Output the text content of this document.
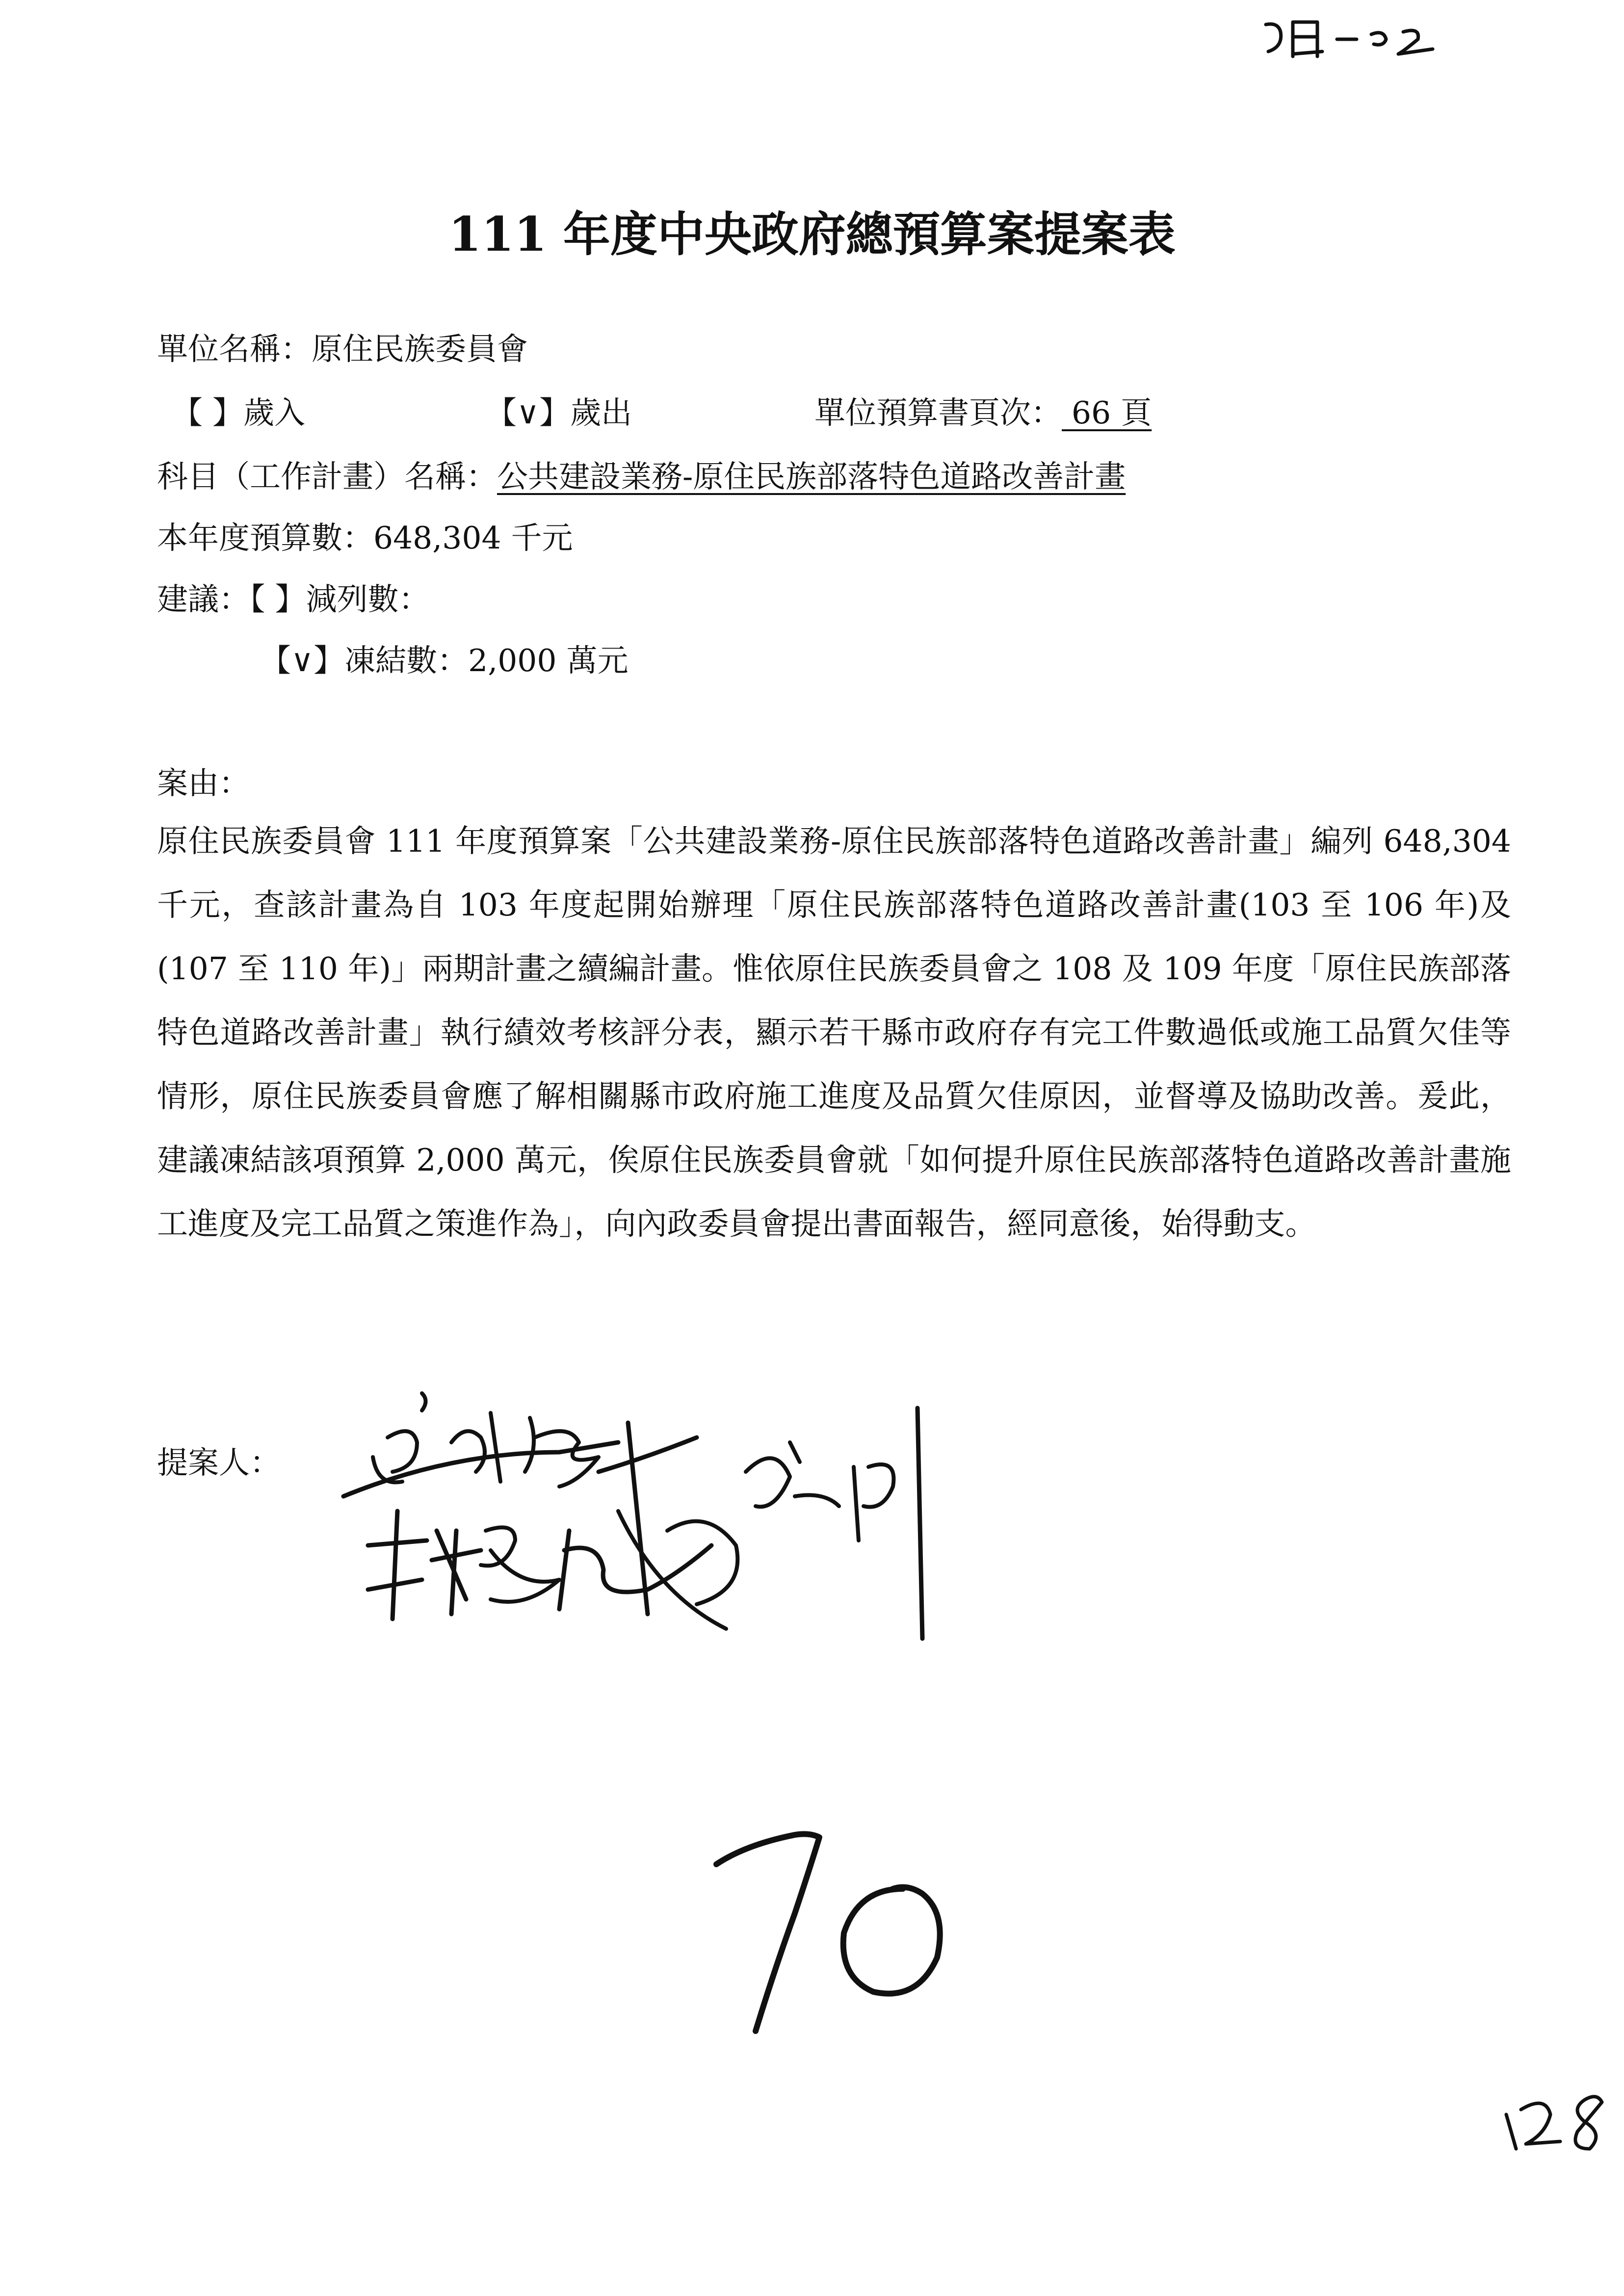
111 年度中央政府總預算案提案表
單位名稱：原住民族委員會
【 】歲入	【∨】歲出	單位預算書頁次： 66 頁
科目（工作計畫）名稱：公共建設業務-原住民族部落特色道路改善計畫
本年度預算數：648,304 千元
建議：【 】減列數：
【∨】凍結數：2,000 萬元
案由：
原住民族委員會 111 年度預算案「公共建設業務-原住民族部落特色道路改善計畫」編列 648,304 千元，查該計畫為自 103 年度起開始辦理「原住民族部落特色道路改善計畫(103 至 106 年)及(107 至 110 年)」兩期計畫之續編計畫。惟依原住民族委員會之 108 及 109 年度「原住民族部落特色道路改善計畫」執行績效考核評分表，顯示若干縣市政府存有完工件數過低或施工品質欠佳等情形，原住民族委員會應了解相關縣市政府施工進度及品質欠佳原因，並督導及協助改善。爰此，建議凍結該項預算 2,000 萬元，俟原住民族委員會就「如何提升原住民族部落特色道路改善計畫施工進度及完工品質之策進作為」，向內政委員會提出書面報告，經同意後，始得動支。
提案人：
